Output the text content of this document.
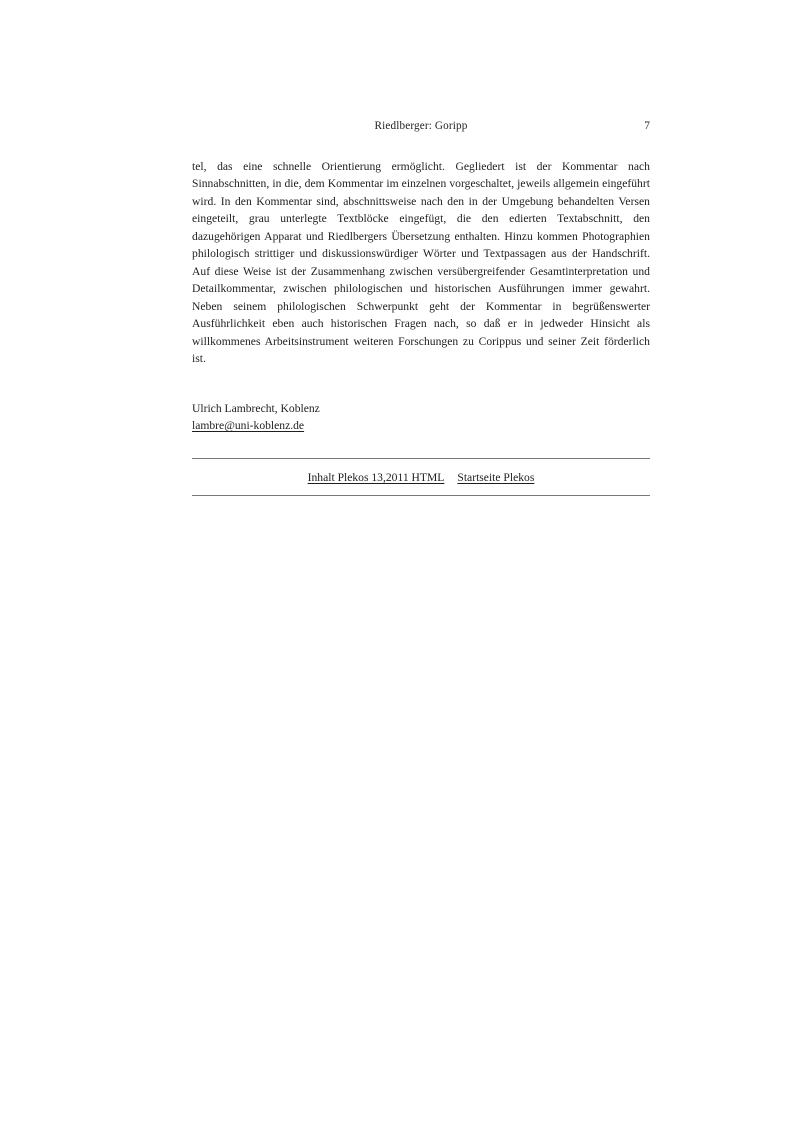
Riedlberger: Goripp	7

tel, das eine schnelle Orientierung ermöglicht. Gegliedert ist der Kommentar nach Sinnabschnitten, in die, dem Kommentar im einzelnen vorgeschaltet, jeweils allgemein eingeführt wird. In den Kommentar sind, abschnittsweise nach den in der Umgebung behandelten Versen eingeteilt, grau unterlegte Textblöcke eingefügt, die den edierten Textabschnitt, den dazugehörigen Apparat und Riedlbergers Übersetzung enthalten. Hinzu kommen Photographien philologisch strittiger und diskussionswürdiger Wörter und Textpassagen aus der Handschrift. Auf diese Weise ist der Zusammenhang zwischen versübergreifender Gesamtinterpretation und Detailkommentar, zwischen philologischen und historischen Ausführungen immer gewahrt. Neben seinem philologischen Schwerpunkt geht der Kommentar in begrüßenswerter Ausführlichkeit eben auch historischen Fragen nach, so daß er in jedweder Hinsicht als willkommenes Arbeitsinstrument weiteren Forschungen zu Corippus und seiner Zeit förderlich ist.

Ulrich Lambrecht, Koblenz
lambre@uni-koblenz.de
Inhalt Plekos 13,2011 HTML Startseite Plekos
